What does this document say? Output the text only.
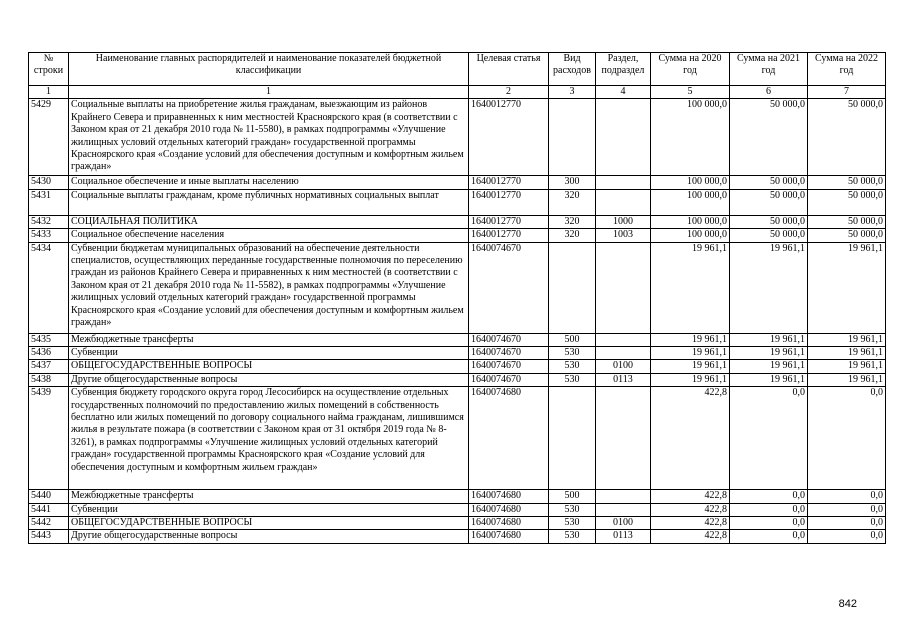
№ строки	Наименование главных распорядителей и наименование показателей бюджетной классификации	Целевая статья	Вид расходов	Раздел, подраздел	Сумма на 2020 год	Сумма на 2021 год	Сумма на 2022 год
1	1	2	3	4	5	6	7
5429	Социальные выплаты на приобретение жилья гражданам, выезжающим из районов Крайнего Севера и приравненных к ним местностей Красноярского края (в соответствии с Законом края от 21 декабря 2010 года № 11-5580), в рамках подпрограммы «Улучшение жилищных условий отдельных категорий граждан» государственной программы Красноярского края «Создание условий для обеспечения доступным и комфортным жильем граждан»	1640012770			100 000,0	50 000,0	50 000,0
5430	Социальное обеспечение и иные выплаты населению	1640012770	300		100 000,0	50 000,0	50 000,0
5431	Социальные выплаты гражданам, кроме публичных нормативных социальных выплат	1640012770	320		100 000,0	50 000,0	50 000,0
5432	СОЦИАЛЬНАЯ ПОЛИТИКА	1640012770	320	1000	100 000,0	50 000,0	50 000,0
5433	Социальное обеспечение населения	1640012770	320	1003	100 000,0	50 000,0	50 000,0
5434	Субвенции бюджетам муниципальных образований на обеспечение деятельности специалистов, осуществляющих переданные государственные полномочия по переселению граждан из районов Крайнего Севера и приравненных к ним местностей (в соответствии с Законом края от 21 декабря 2010 года № 11-5582), в рамках подпрограммы «Улучшение жилищных условий отдельных категорий граждан» государственной программы Красноярского края «Создание условий для обеспечения доступным и комфортным жильем граждан»	1640074670			19 961,1	19 961,1	19 961,1
5435	Межбюджетные трансферты	1640074670	500		19 961,1	19 961,1	19 961,1
5436	Субвенции	1640074670	530		19 961,1	19 961,1	19 961,1
5437	ОБЩЕГОСУДАРСТВЕННЫЕ ВОПРОСЫ	1640074670	530	0100	19 961,1	19 961,1	19 961,1
5438	Другие общегосударственные вопросы	1640074670	530	0113	19 961,1	19 961,1	19 961,1
5439	Субвенция бюджету городского округа город Лесосибирск на осуществление отдельных государственных полномочий по предоставлению жилых помещений в собственность бесплатно или жилых помещений по договору социального найма гражданам, лишившимся жилья в результате пожара (в соответствии с Законом края от 31 октября 2019 года № 8-3261), в рамках подпрограммы «Улучшение жилищных условий отдельных категорий граждан» государственной программы Красноярского края «Создание условий для обеспечения доступным и комфортным жильем граждан»	1640074680			422,8	0,0	0,0
5440	Межбюджетные трансферты	1640074680	500		422,8	0,0	0,0
5441	Субвенции	1640074680	530		422,8	0,0	0,0
5442	ОБЩЕГОСУДАРСТВЕННЫЕ ВОПРОСЫ	1640074680	530	0100	422,8	0,0	0,0
5443	Другие общегосударственные вопросы	1640074680	530	0113	422,8	0,0	0,0
842
